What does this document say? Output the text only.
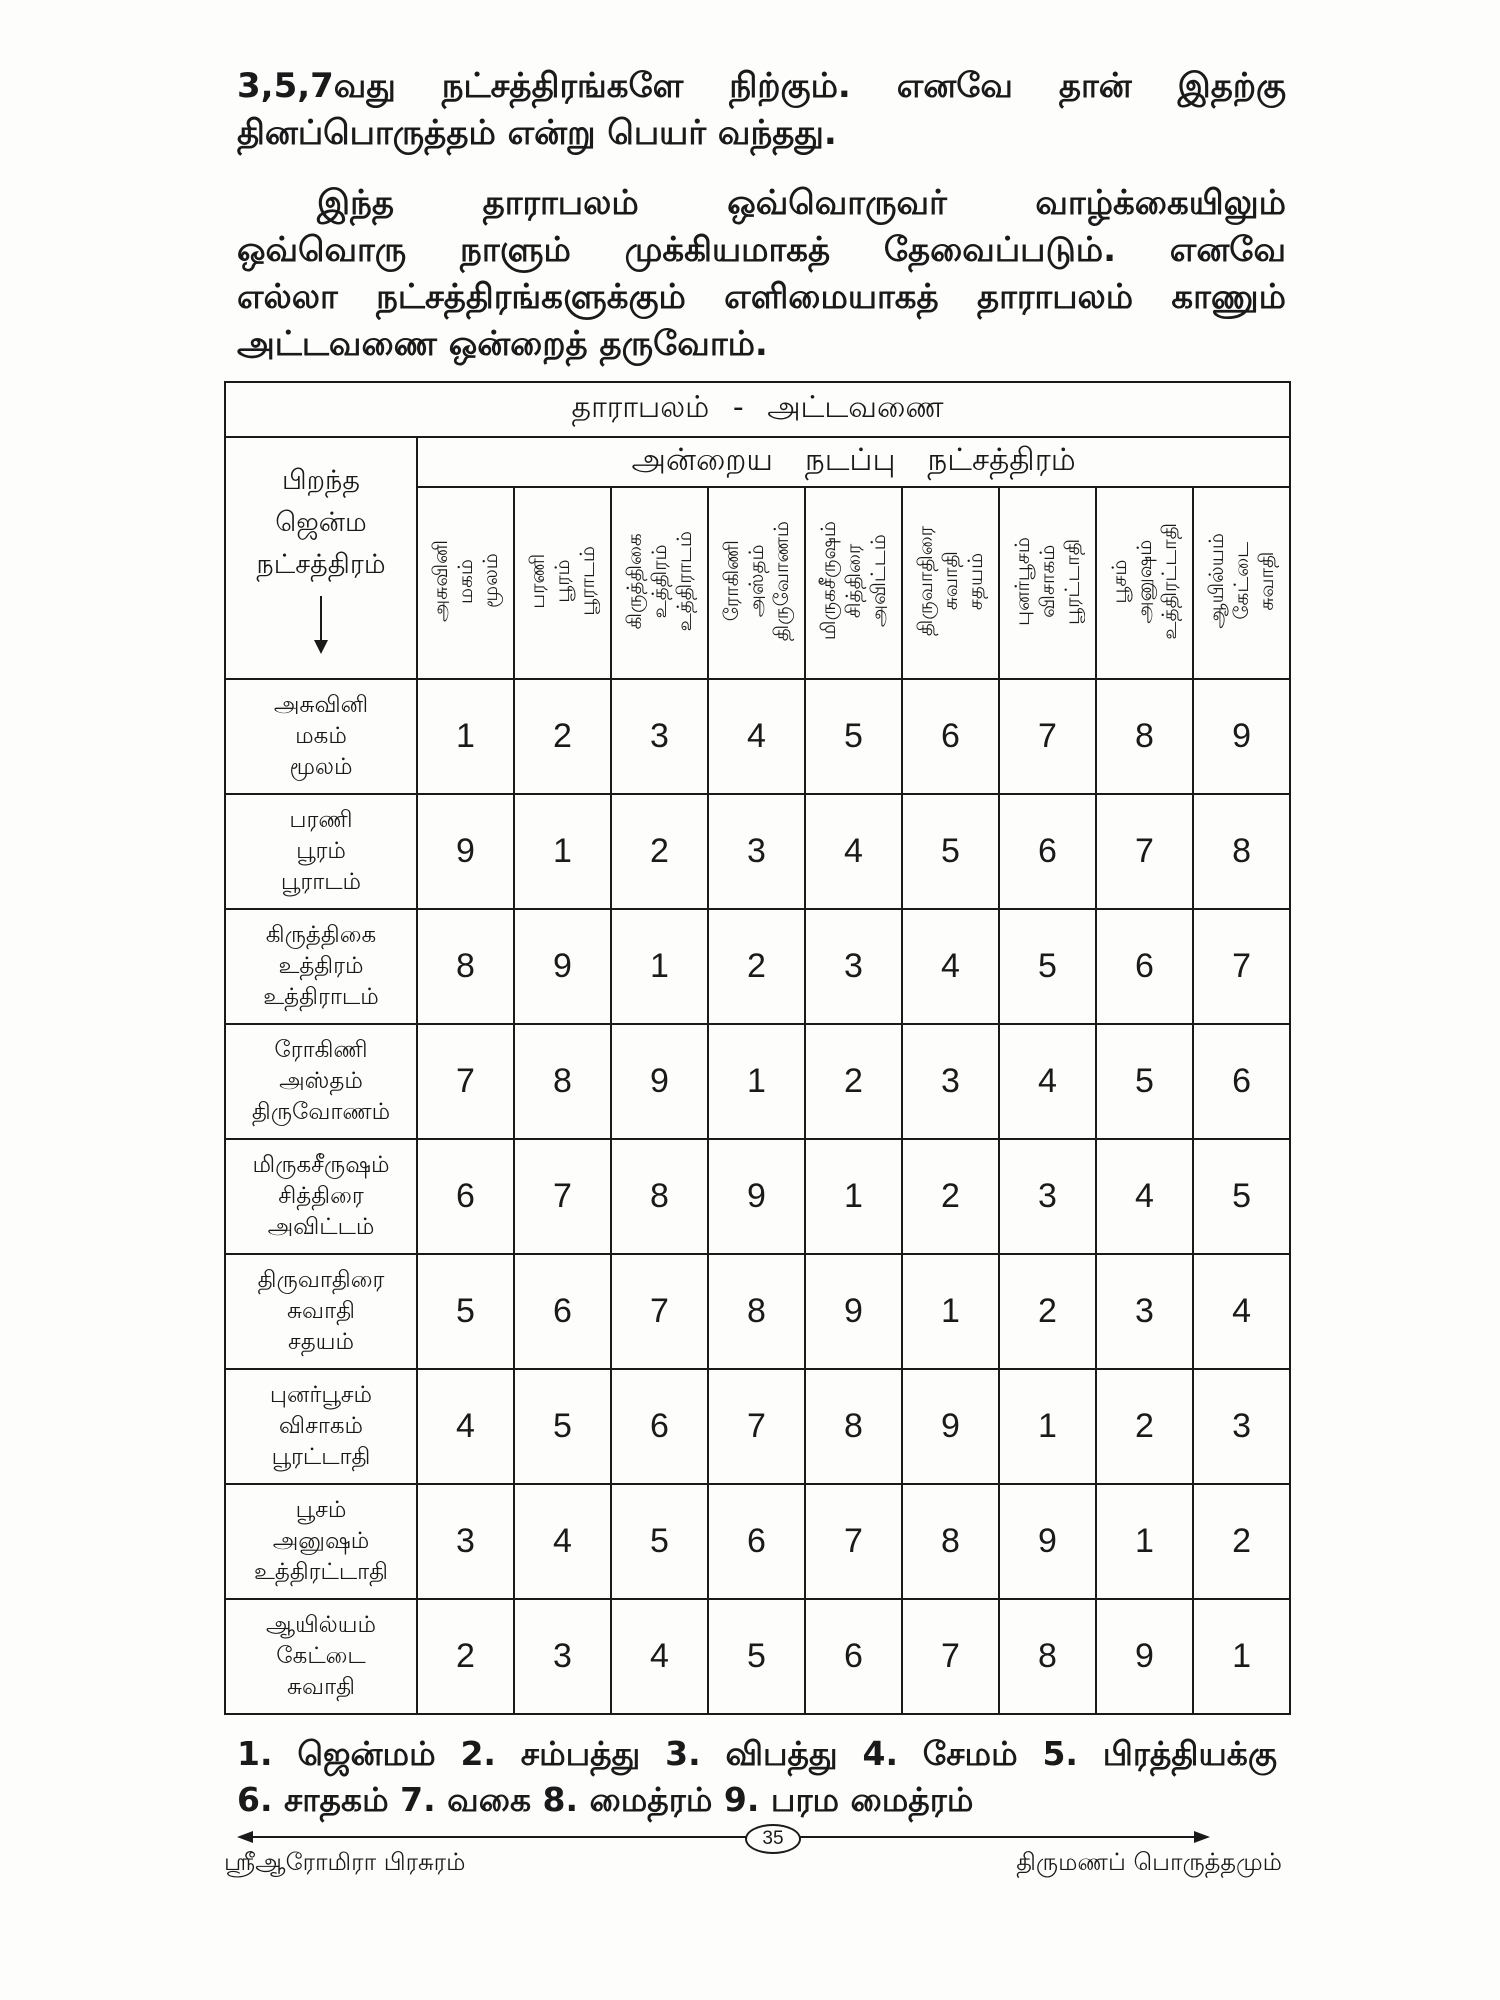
3,5,7வது நட்சத்திரங்களே நிற்கும். எனவே தான் இதற்கு
தினப்பொருத்தம் என்று பெயர் வந்தது.
இந்த தாராபலம் ஒவ்வொருவர் வாழ்க்கையிலும்
ஒவ்வொரு நாளும் முக்கியமாகத் தேவைப்படும். எனவே
எல்லா நட்சத்திரங்களுக்கும் எளிமையாகத் தாராபலம் காணும்
அட்டவணை ஒன்றைத் தருவோம்.
தாராபலம் - அட்டவணை									

பிறந்த
ஜென்ம
நட்சத்திரம்	அன்றைய நடப்பு நட்சத்திரம்								

	அசுவினி மகம் மூலம்	பரணி பூரம் பூராடம்	கிருத்திகை உத்திரம் உத்திராடம்	ரோகிணி அஸ்தம் திருவோணம்	மிருகசீருஷம் சித்திரை அவிட்டம்	திருவாதிரை சுவாதி சதயம்	புனர்பூசம் விசாகம் பூரட்டாதி	பூசம் அனுஷம் உத்திரட்டாதி	ஆயில்யம் கேட்டை சுவாதி

அசுவினி
மகம்
மூலம்	1	2	3	4	5	6	7	8	9

பரணி
பூரம்
பூராடம்	9	1	2	3	4	5	6	7	8

கிருத்திகை
உத்திரம்
உத்திராடம்	8	9	1	2	3	4	5	6	7

ரோகிணி
அஸ்தம்
திருவோணம்	7	8	9	1	2	3	4	5	6

மிருகசீருஷம்
சித்திரை
அவிட்டம்	6	7	8	9	1	2	3	4	5

திருவாதிரை
சுவாதி
சதயம்	5	6	7	8	9	1	2	3	4

புனர்பூசம்
விசாகம்
பூரட்டாதி	4	5	6	7	8	9	1	2	3

பூசம்
அனுஷம்
உத்திரட்டாதி	3	4	5	6	7	8	9	1	2

ஆயில்யம்
கேட்டை
சுவாதி	2	3	4	5	6	7	8	9	1
1. ஜென்மம் 2. சம்பத்து 3. விபத்து 4. சேமம் 5. பிரத்தியக்கு
6. சாதகம் 7. வகை 8. மைத்ரம் 9. பரம மைத்ரம்
35
ஸ்ரீஆரோமிரா பிரசுரம்	திருமணப் பொருத்தமும்
